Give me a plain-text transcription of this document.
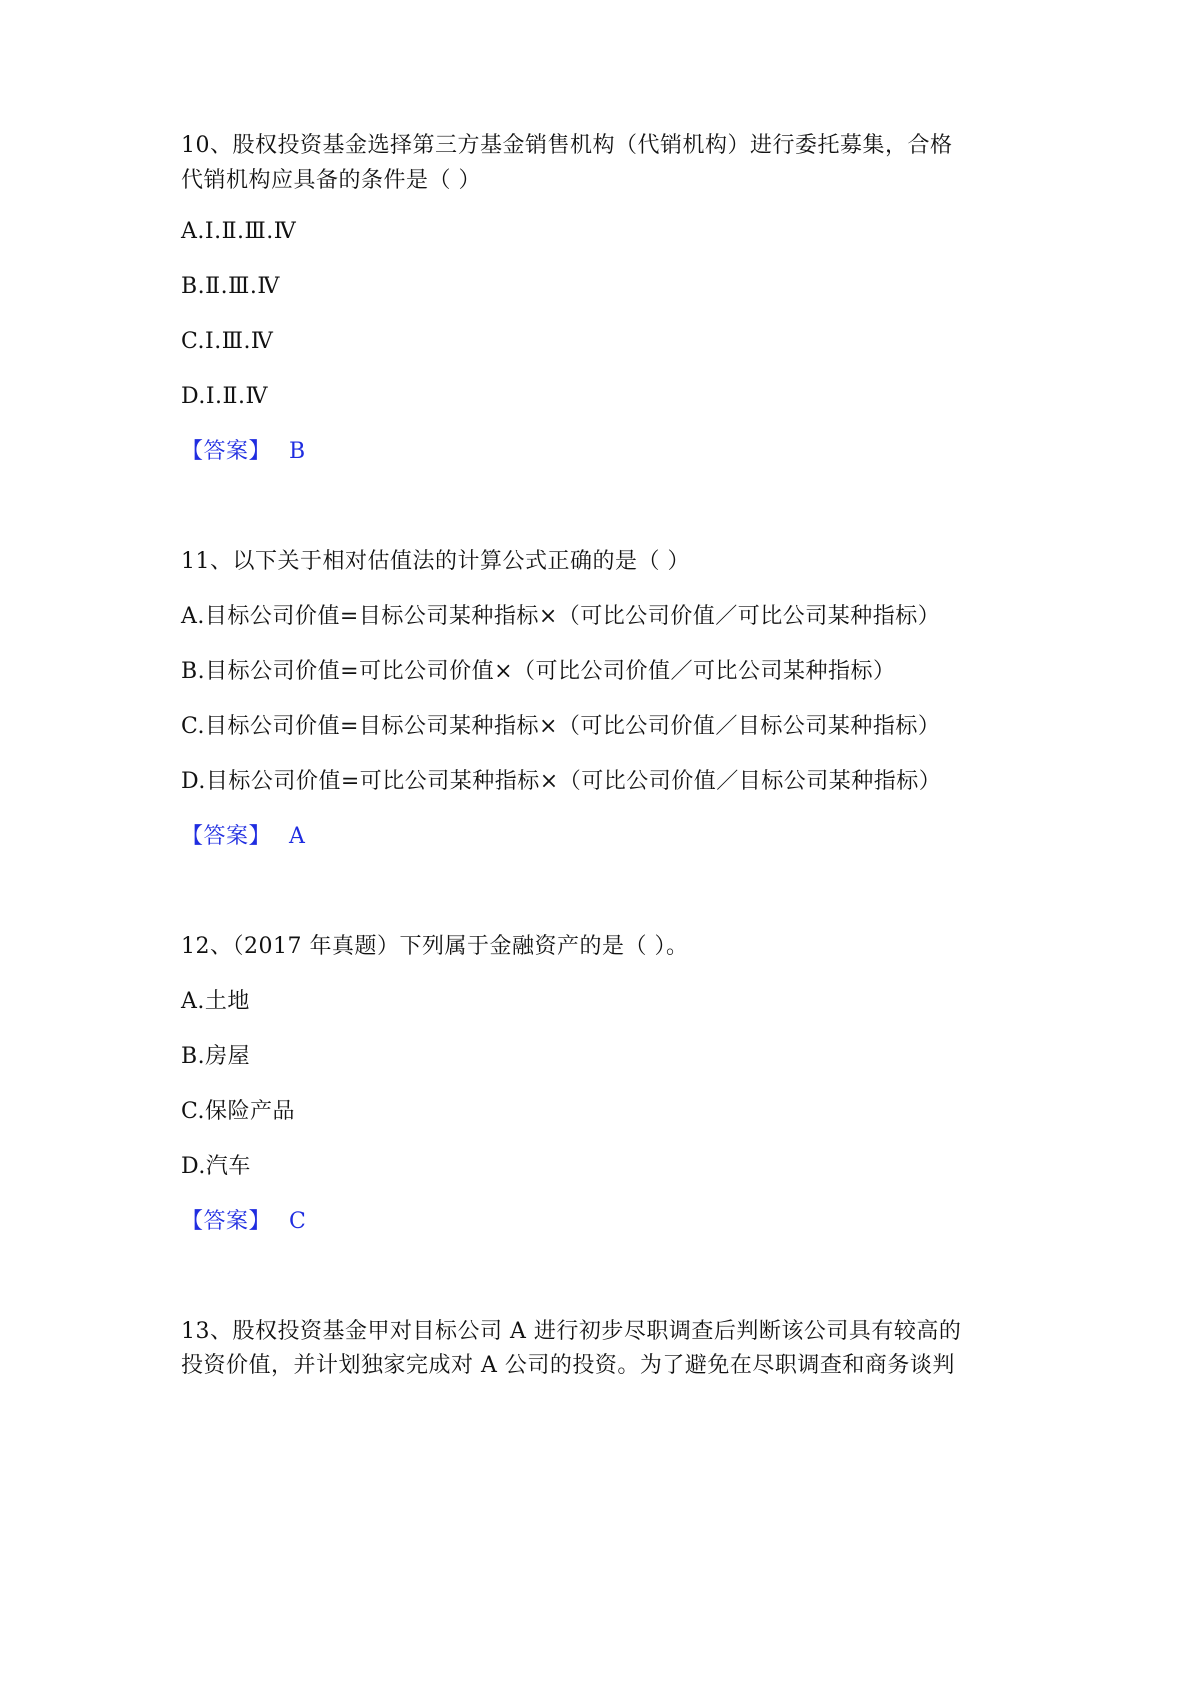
10、股权投资基金选择第三方基金销售机构（代销机构）进行委托募集，合格
代销机构应具备的条件是（ ）
A.Ⅰ.Ⅱ.Ⅲ.Ⅳ
B.Ⅱ.Ⅲ.Ⅳ
C.Ⅰ.Ⅲ.Ⅳ
D.Ⅰ.Ⅱ.Ⅳ
【答案】 B
11、以下关于相对估值法的计算公式正确的是（ ）
A.目标公司价值=目标公司某种指标×（可比公司价值／可比公司某种指标）
B.目标公司价值=可比公司价值×（可比公司价值／可比公司某种指标）
C.目标公司价值=目标公司某种指标×（可比公司价值／目标公司某种指标）
D.目标公司价值=可比公司某种指标×（可比公司价值／目标公司某种指标）
【答案】 A
12、（2017 年真题）下列属于金融资产的是（ ）。
A.土地
B.房屋
C.保险产品
D.汽车
【答案】 C
13、股权投资基金甲对目标公司 A 进行初步尽职调查后判断该公司具有较高的
投资价值，并计划独家完成对 A 公司的投资。为了避免在尽职调查和商务谈判
